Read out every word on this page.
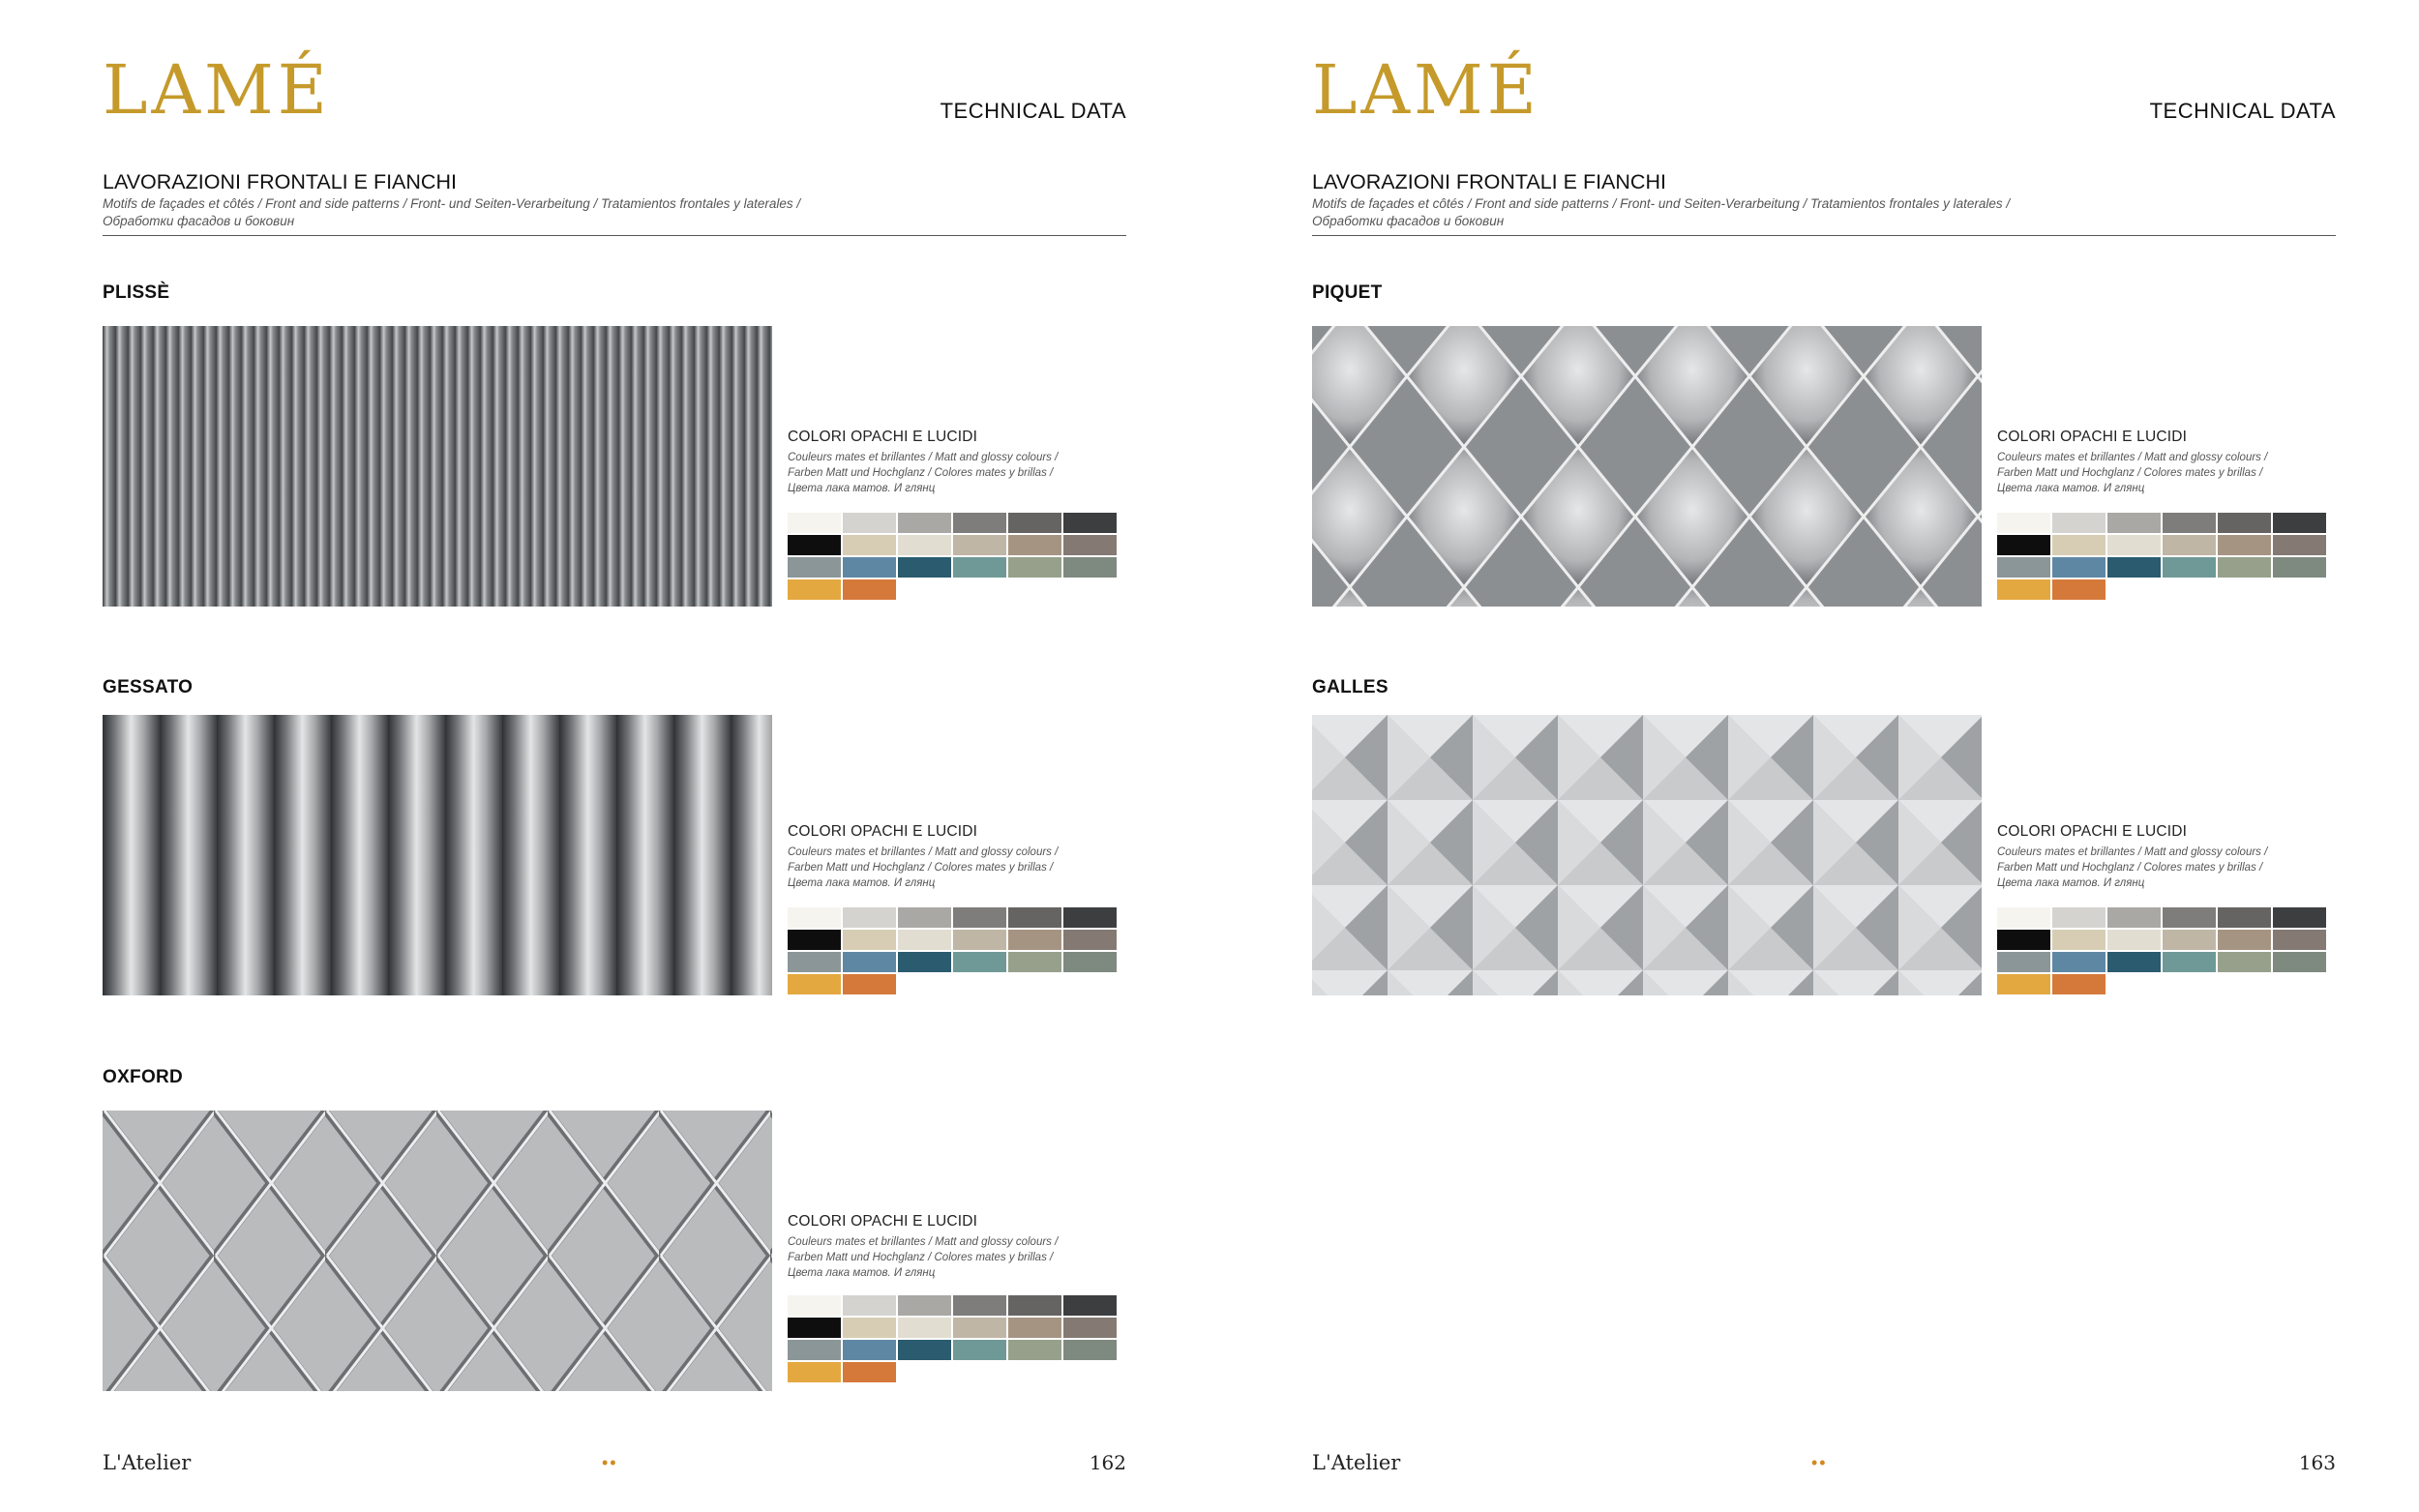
LAMÉ	TECHNICAL DATA
LAVORAZIONI FRONTALI E FIANCHI
Motifs de façades et côtés / Front and side patterns / Front- und Seiten-Verarbeitung / Tratamientos frontales y laterales /
Обработки фасадов и боковин
PLISSÈ
COLORI OPACHI E LUCIDI
Couleurs mates et brillantes / Matt and glossy colours /
Farben Matt und Hochglanz / Colores mates y brillas /
Цвета лака матов. И глянц
GESSATO
COLORI OPACHI E LUCIDI
Couleurs mates et brillantes / Matt and glossy colours /
Farben Matt und Hochglanz / Colores mates y brillas /
Цвета лака матов. И глянц
OXFORD
COLORI OPACHI E LUCIDI
Couleurs mates et brillantes / Matt and glossy colours /
Farben Matt und Hochglanz / Colores mates y brillas /
Цвета лака матов. И глянц
L'Atelier	••	162
LAMÉ	TECHNICAL DATA
LAVORAZIONI FRONTALI E FIANCHI
Motifs de façades et côtés / Front and side patterns / Front- und Seiten-Verarbeitung / Tratamientos frontales y laterales /
Обработки фасадов и боковин
PIQUET
COLORI OPACHI E LUCIDI
Couleurs mates et brillantes / Matt and glossy colours /
Farben Matt und Hochglanz / Colores mates y brillas /
Цвета лака матов. И глянц
GALLES
COLORI OPACHI E LUCIDI
Couleurs mates et brillantes / Matt and glossy colours /
Farben Matt und Hochglanz / Colores mates y brillas /
Цвета лака матов. И глянц
L'Atelier	••	163
